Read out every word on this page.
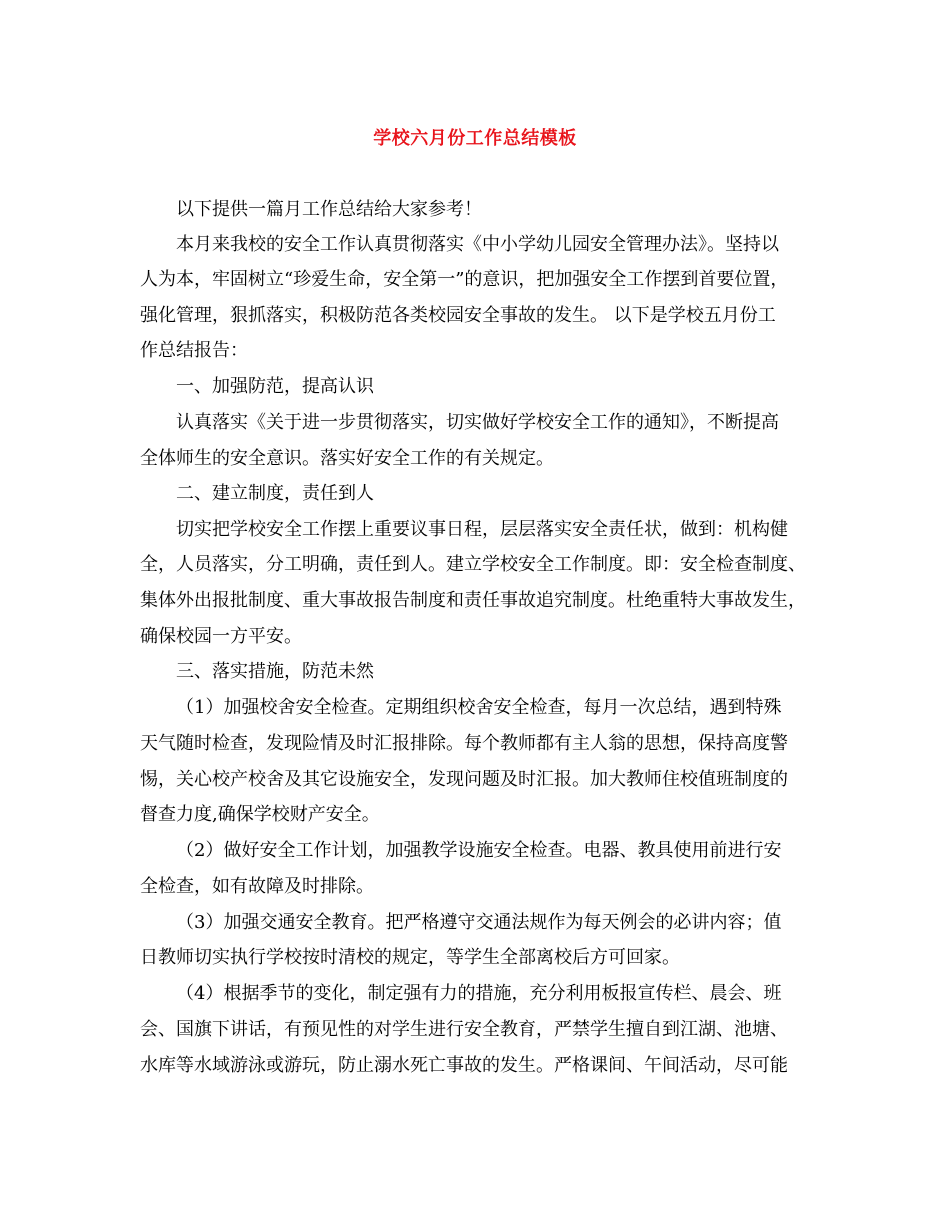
学校六月份工作总结模板
以下提供一篇月工作总结给大家参考！
本月来我校的安全工作认真贯彻落实《中小学幼儿园安全管理办法》。坚持以
人为本，牢固树立“珍爱生命，安全第一”的意识，把加强安全工作摆到首要位置，
强化管理，狠抓落实，积极防范各类校园安全事故的发生。 以下是学校五月份工
作总结报告：
一、加强防范，提高认识
认真落实《关于进一步贯彻落实，切实做好学校安全工作的通知》，不断提高
全体师生的安全意识。落实好安全工作的有关规定。
二、建立制度，责任到人
切实把学校安全工作摆上重要议事日程，层层落实安全责任状，做到：机构健
全，人员落实，分工明确，责任到人。建立学校安全工作制度。即：安全检查制度、
集体外出报批制度、重大事故报告制度和责任事故追究制度。杜绝重特大事故发生，
确保校园一方平安。
三、落实措施，防范未然
（1）加强校舍安全检查。定期组织校舍安全检查，每月一次总结，遇到特殊
天气随时检查，发现险情及时汇报排除。每个教师都有主人翁的思想，保持高度警
惕，关心校产校舍及其它设施安全，发现问题及时汇报。加大教师住校值班制度的
督查力度,确保学校财产安全。
（2）做好安全工作计划，加强教学设施安全检查。电器、教具使用前进行安
全检查，如有故障及时排除。
（3）加强交通安全教育。把严格遵守交通法规作为每天例会的必讲内容；值
日教师切实执行学校按时清校的规定，等学生全部离校后方可回家。
（4）根据季节的变化，制定强有力的措施，充分利用板报宣传栏、晨会、班
会、国旗下讲话，有预见性的对学生进行安全教育，严禁学生擅自到江湖、池塘、
水库等水域游泳或游玩，防止溺水死亡事故的发生。严格课间、午间活动，尽可能
